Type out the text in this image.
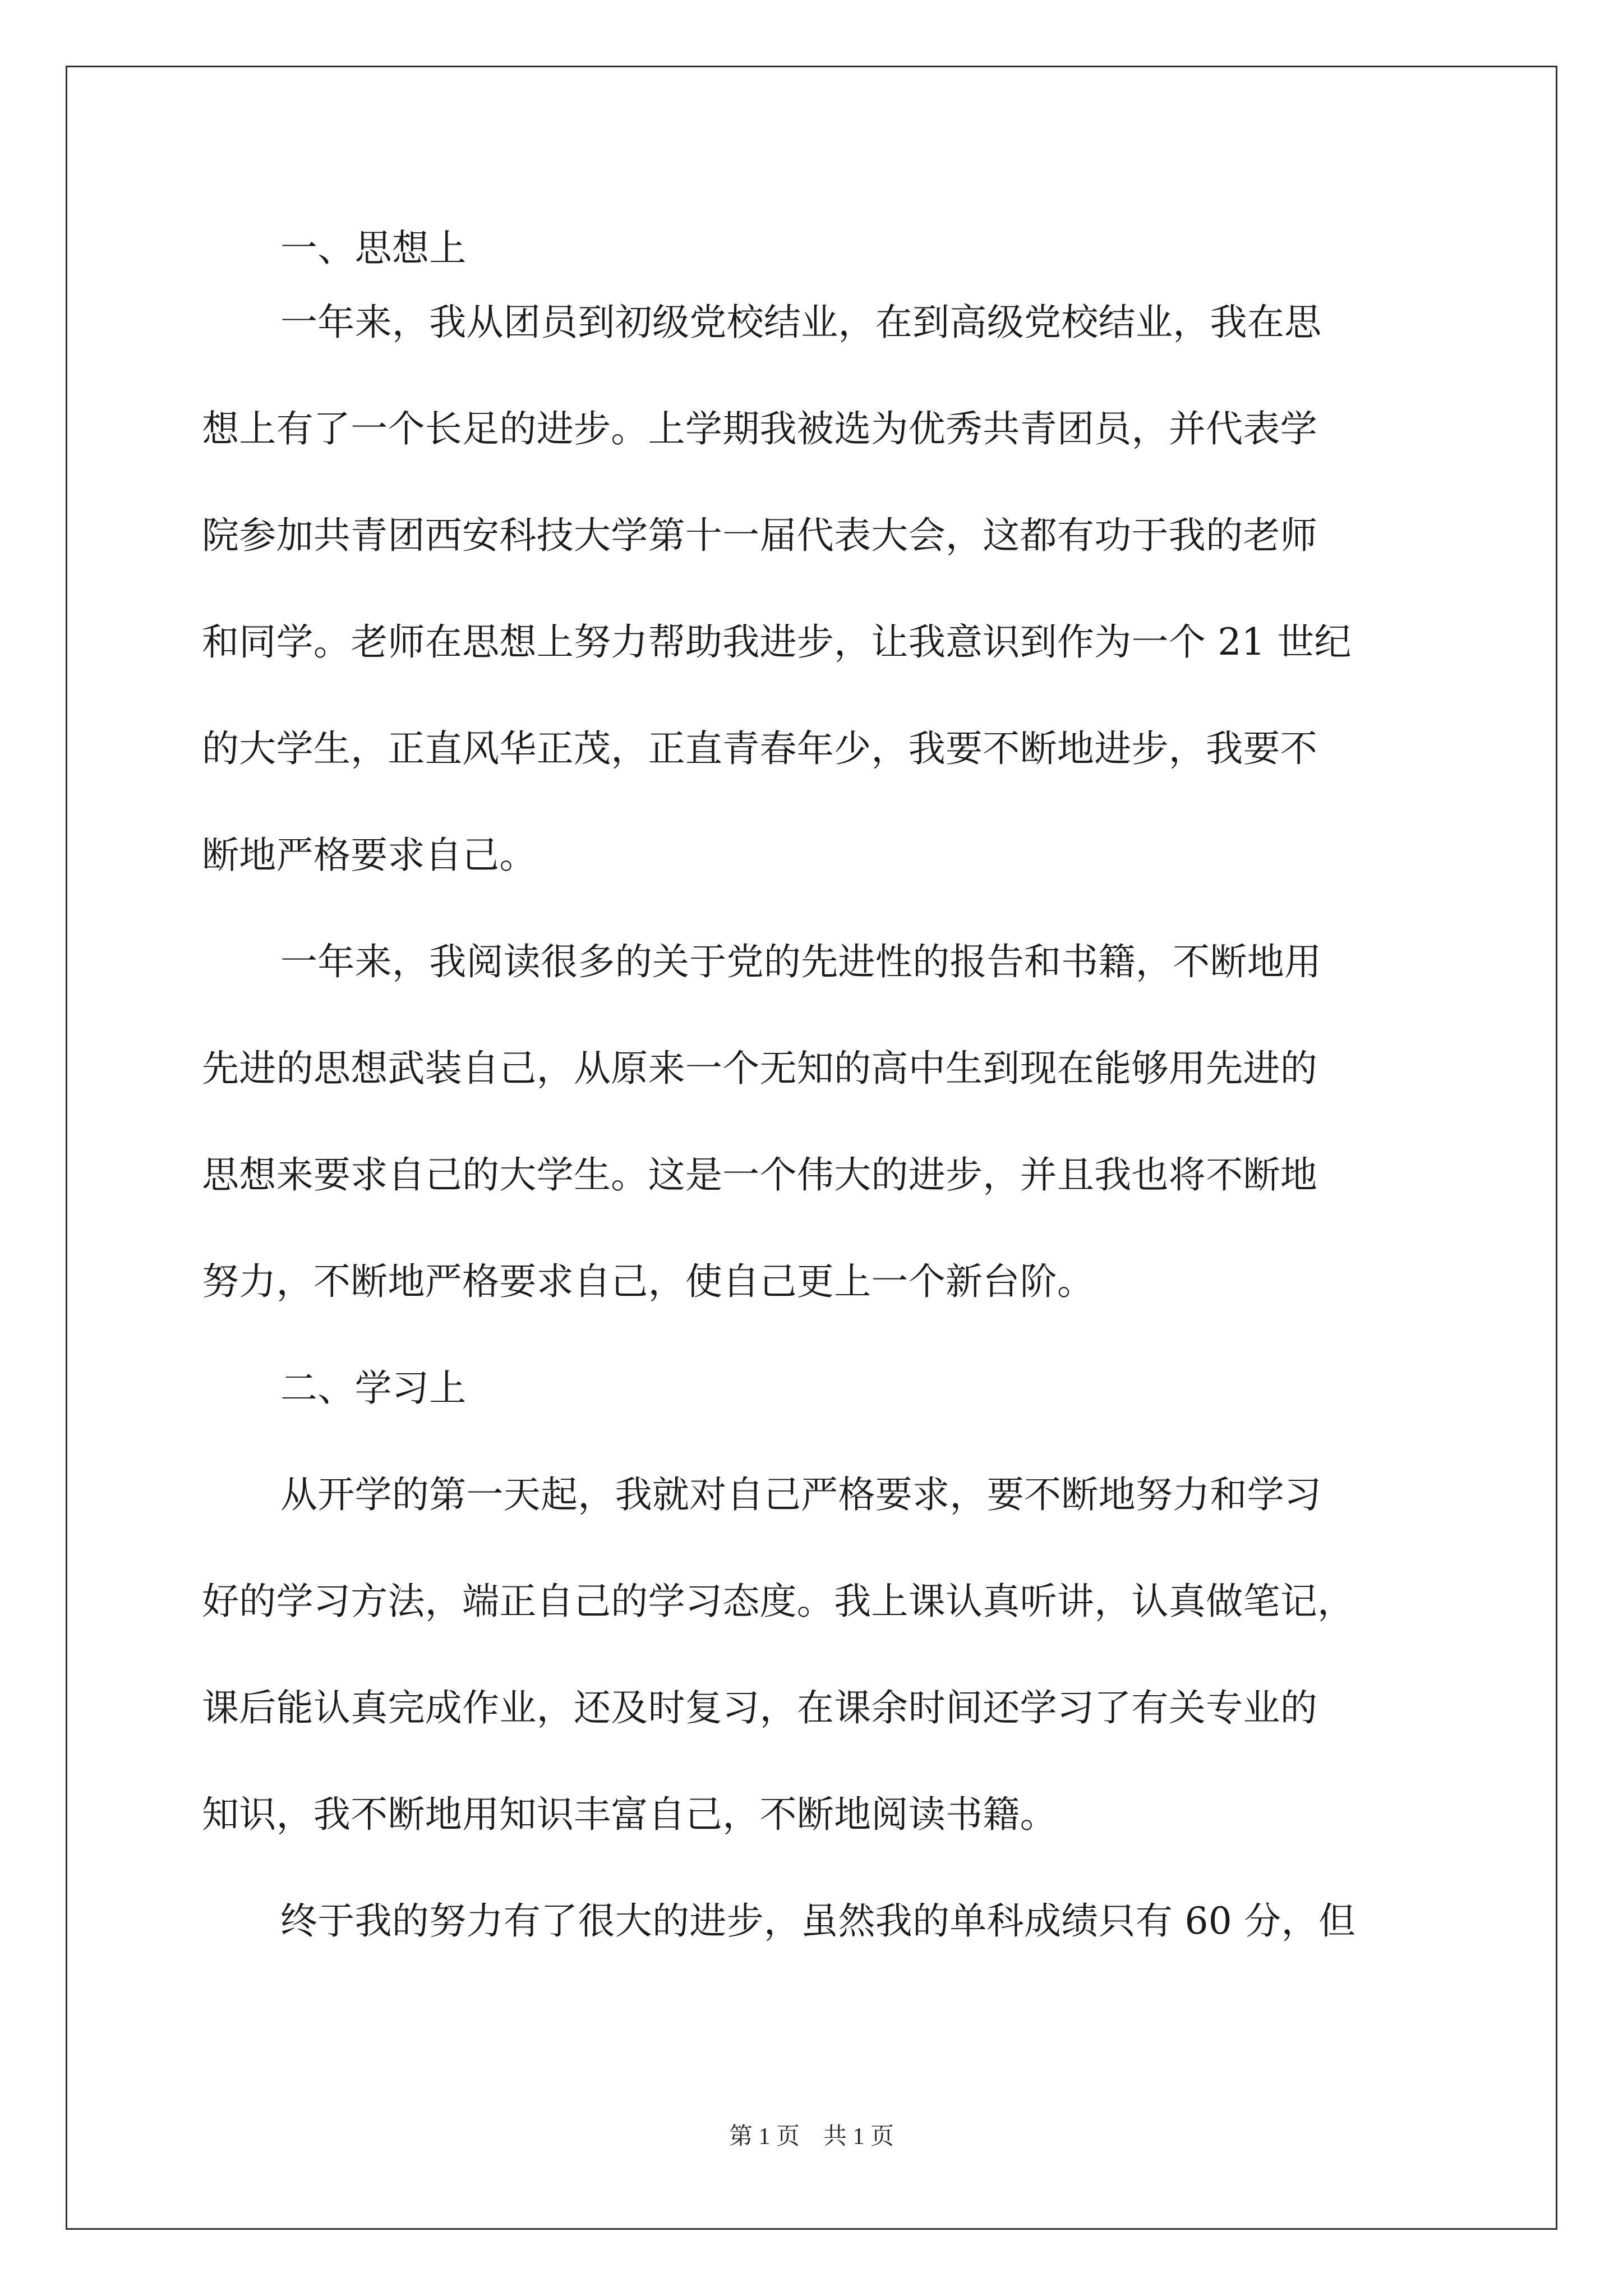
一、思想上
一年来，我从团员到初级党校结业，在到高级党校结业，我在思
想上有了一个长足的进步。上学期我被选为优秀共青团员，并代表学
院参加共青团西安科技大学第十一届代表大会，这都有功于我的老师
和同学。老师在思想上努力帮助我进步，让我意识到作为一个 21 世纪
的大学生，正直风华正茂，正直青春年少，我要不断地进步，我要不
断地严格要求自己。
一年来，我阅读很多的关于党的先进性的报告和书籍，不断地用
先进的思想武装自己，从原来一个无知的高中生到现在能够用先进的
思想来要求自己的大学生。这是一个伟大的进步，并且我也将不断地
努力，不断地严格要求自己，使自己更上一个新台阶。
二、学习上
从开学的第一天起，我就对自己严格要求，要不断地努力和学习
好的学习方法，端正自己的学习态度。我上课认真听讲，认真做笔记，
课后能认真完成作业，还及时复习，在课余时间还学习了有关专业的
知识，我不断地用知识丰富自己，不断地阅读书籍。
终于我的努力有了很大的进步，虽然我的单科成绩只有 60 分，但
第 1 页　共 1 页
